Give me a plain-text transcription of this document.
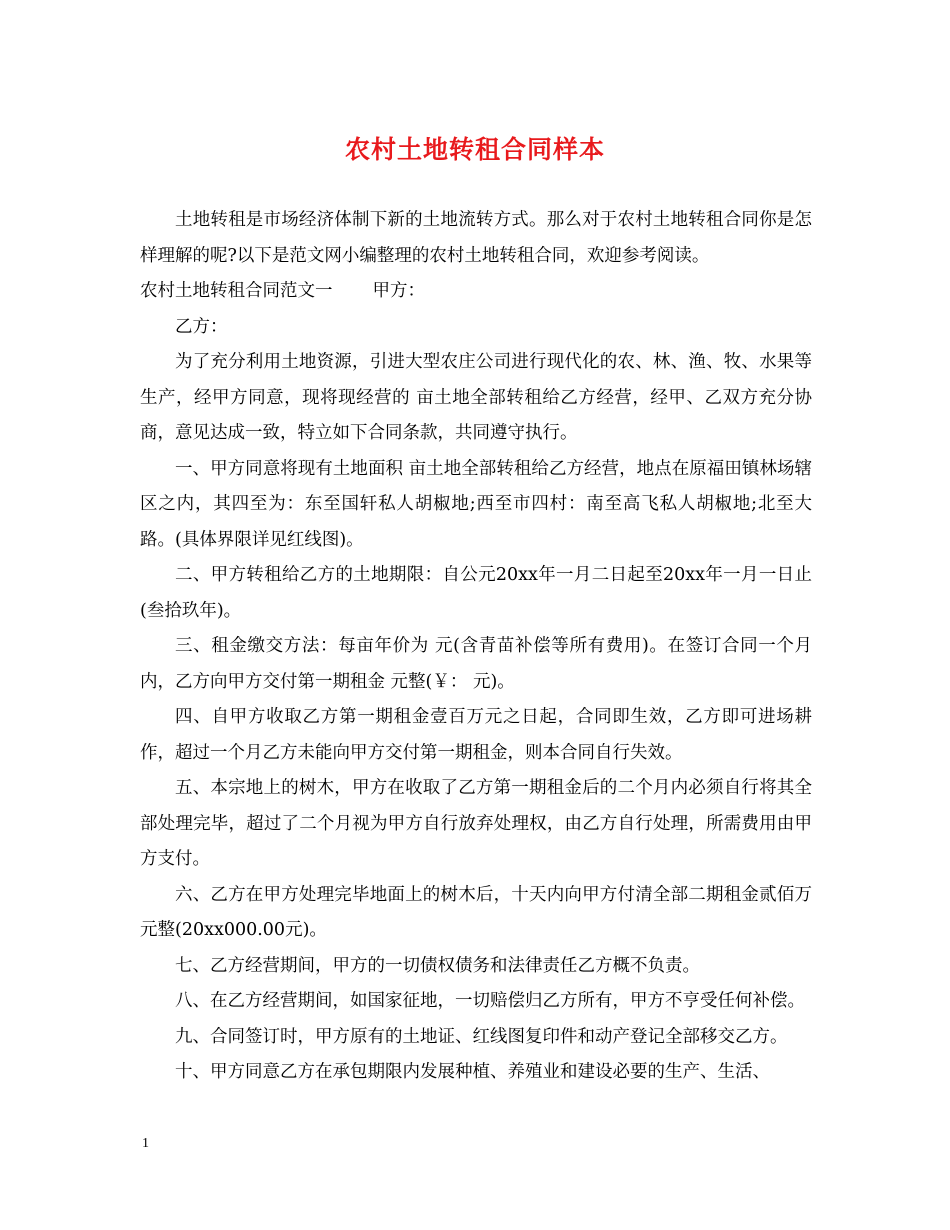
农村土地转租合同样本

土地转租是市场经济体制下新的土地流转方式。那么对于农村土地转租合同你是怎样理解的呢?以下是范文网小编整理的农村土地转租合同，欢迎参考阅读。

农村土地转租合同范文一 甲方：

乙方：

为了充分利用土地资源，引进大型农庄公司进行现代化的农、林、渔、牧、水果等生产，经甲方同意，现将现经营的 亩土地全部转租给乙方经营，经甲、乙双方充分协商，意见达成一致，特立如下合同条款，共同遵守执行。

一、甲方同意将现有土地面积 亩土地全部转租给乙方经营，地点在原福田镇林场辖区之内，其四至为：东至国轩私人胡椒地;西至市四村：南至高飞私人胡椒地;北至大路。(具体界限详见红线图)。

二、甲方转租给乙方的土地期限：自公元20xx年一月二日起至20xx年一月一日止(叁拾玖年)。

三、租金缴交方法：每亩年价为 元(含青苗补偿等所有费用)。在签订合同一个月内，乙方向甲方交付第一期租金 元整(￥： 元)。

四、自甲方收取乙方第一期租金壹百万元之日起，合同即生效，乙方即可进场耕作，超过一个月乙方未能向甲方交付第一期租金，则本合同自行失效。

五、本宗地上的树木，甲方在收取了乙方第一期租金后的二个月内必须自行将其全部处理完毕，超过了二个月视为甲方自行放弃处理权，由乙方自行处理，所需费用由甲方支付。

六、乙方在甲方处理完毕地面上的树木后，十天内向甲方付清全部二期租金贰佰万元整(20xx000.00元)。

七、乙方经营期间，甲方的一切债权债务和法律责任乙方概不负责。

八、在乙方经营期间，如国家征地，一切赔偿归乙方所有，甲方不亨受任何补偿。

九、合同签订时，甲方原有的土地证、红线图复印件和动产登记全部移交乙方。

十、甲方同意乙方在承包期限内发展种植、养殖业和建设必要的生产、生活、

1
